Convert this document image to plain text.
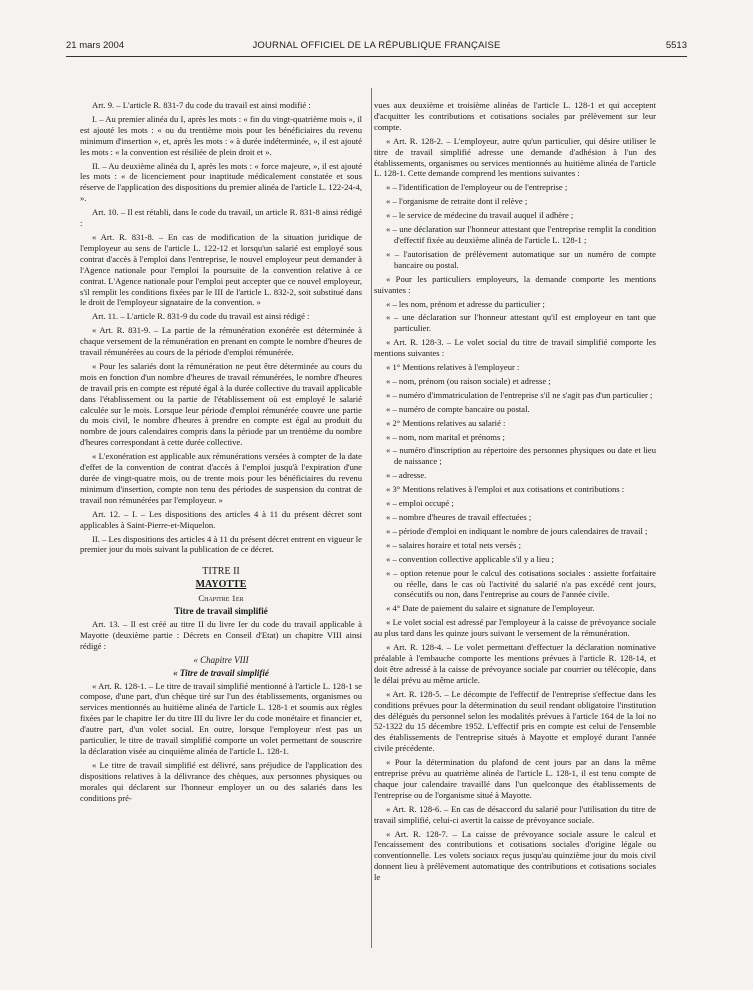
21 mars 2004	JOURNAL OFFICIEL DE LA RÉPUBLIQUE FRANÇAISE	5513

Art. 9. – L'article R. 831-7 du code du travail est ainsi modifié :

I. – Au premier alinéa du I, après les mots : « fin du vingt-quatrième mois », il est ajouté les mots : « ou du trentième mois pour les bénéficiaires du revenu minimum d'insertion », et, après les mots : « à durée indéterminée, », il est ajouté les mots : « la convention est résiliée de plein droit et ».

II. – Au deuxième alinéa du I, après les mots : « force majeure, », il est ajouté les mots : « de licenciement pour inaptitude médicalement constatée et sous réserve de l'application des dispositions du premier alinéa de l'article L. 122-24-4, ».

Art. 10. – Il est rétabli, dans le code du travail, un article R. 831-8 ainsi rédigé :

« Art. R. 831-8. – En cas de modification de la situation juridique de l'employeur au sens de l'article L. 122-12 et lorsqu'un salarié est employé sous contrat d'accès à l'emploi dans l'entreprise, le nouvel employeur peut demander à l'Agence nationale pour l'emploi la poursuite de la convention relative à ce contrat. L'Agence nationale pour l'emploi peut accepter que ce nouvel employeur, s'il remplit les conditions fixées par le III de l'article L. 832-2, soit substitué dans le droit de l'employeur signataire de la convention. »

Art. 11. – L'article R. 831-9 du code du travail est ainsi rédigé :

« Art. R. 831-9. – La partie de la rémunération exonérée est déterminée à chaque versement de la rémunération en prenant en compte le nombre d'heures de travail rémunérées au cours de la période d'emploi rémunérée.

« Pour les salariés dont la rémunération ne peut être déterminée au cours du mois en fonction d'un nombre d'heures de travail rémunérées, le nombre d'heures de travail pris en compte est réputé égal à la durée collective du travail applicable dans l'établissement ou la partie de l'établissement où est employé le salarié calculée sur le mois. Lorsque leur période d'emploi rémunérée couvre une partie du mois civil, le nombre d'heures à prendre en compte est égal au produit du nombre de jours calendaires compris dans la période par un trentième du nombre d'heures correspondant à cette durée collective.

« L'exonération est applicable aux rémunérations versées à compter de la date d'effet de la convention de contrat d'accès à l'emploi jusqu'à l'expiration d'une durée de vingt-quatre mois, ou de trente mois pour les bénéficiaires du revenu minimum d'insertion, compte non tenu des périodes de suspension du contrat de travail non rémunérées par l'employeur. »

Art. 12. – I. – Les dispositions des articles 4 à 11 du présent décret sont applicables à Saint-Pierre-et-Miquelon.

II. – Les dispositions des articles 4 à 11 du présent décret entrent en vigueur le premier jour du mois suivant la publication de ce décret.

TITRE II

MAYOTTE

Chapitre 1er

Titre de travail simplifié

Art. 13. – Il est créé au titre II du livre Ier du code du travail applicable à Mayotte (deuxième partie : Décrets en Conseil d'Etat) un chapitre VIII ainsi rédigé :

« Chapitre VIII

« Titre de travail simplifié

« Art. R. 128-1. – Le titre de travail simplifié mentionné à l'article L. 128-1 se compose, d'une part, d'un chèque tiré sur l'un des établissements, organismes ou services mentionnés au huitième alinéa de l'article L. 128-1 et soumis aux règles fixées par le chapitre Ier du titre III du livre Ier du code monétaire et financier et, d'autre part, d'un volet social. En outre, lorsque l'employeur n'est pas un particulier, le titre de travail simplifié comporte un volet permettant de souscrire la déclaration visée au cinquième alinéa de l'article L. 128-1.

« Le titre de travail simplifié est délivré, sans préjudice de l'application des dispositions relatives à la délivrance des chèques, aux personnes physiques ou morales qui déclarent sur l'honneur employer un ou des salariés dans les conditions pré-

vues aux deuxième et troisième alinéas de l'article L. 128-1 et qui acceptent d'acquitter les contributions et cotisations sociales par prélèvement sur leur compte.

« Art. R. 128-2. – L'employeur, autre qu'un particulier, qui désire utiliser le titre de travail simplifié adresse une demande d'adhésion à l'un des établissements, organismes ou services mentionnés au huitième alinéa de l'article L. 128-1. Cette demande comprend les mentions suivantes :

« – l'identification de l'employeur ou de l'entreprise ;

« – l'organisme de retraite dont il relève ;

« – le service de médecine du travail auquel il adhère ;

« – une déclaration sur l'honneur attestant que l'entreprise remplit la condition d'effectif fixée au deuxième alinéa de l'article L. 128-1 ;

« – l'autorisation de prélèvement automatique sur un numéro de compte bancaire ou postal.

« Pour les particuliers employeurs, la demande comporte les mentions suivantes :

« – les nom, prénom et adresse du particulier ;

« – une déclaration sur l'honneur attestant qu'il est employeur en tant que particulier.

« Art. R. 128-3. – Le volet social du titre de travail simplifié comporte les mentions suivantes :

« 1° Mentions relatives à l'employeur :

« – nom, prénom (ou raison sociale) et adresse ;

« – numéro d'immatriculation de l'entreprise s'il ne s'agit pas d'un particulier ;

« – numéro de compte bancaire ou postal.

« 2° Mentions relatives au salarié :

« – nom, nom marital et prénoms ;

« – numéro d'inscription au répertoire des personnes physiques ou date et lieu de naissance ;

« – adresse.

« 3° Mentions relatives à l'emploi et aux cotisations et contributions :

« – emploi occupé ;

« – nombre d'heures de travail effectuées ;

« – période d'emploi en indiquant le nombre de jours calendaires de travail ;

« – salaires horaire et total nets versés ;

« – convention collective applicable s'il y a lieu ;

« – option retenue pour le calcul des cotisations sociales : assiette forfaitaire ou réelle, dans le cas où l'activité du salarié n'a pas excédé cent jours, consécutifs ou non, dans l'entreprise au cours de l'année civile.

« 4° Date de paiement du salaire et signature de l'employeur.

« Le volet social est adressé par l'employeur à la caisse de prévoyance sociale au plus tard dans les quinze jours suivant le versement de la rémunération.

« Art. R. 128-4. – Le volet permettant d'effectuer la déclaration nominative préalable à l'embauche comporte les mentions prévues à l'article R. 128-14, et doit être adressé à la caisse de prévoyance sociale par courrier ou télécopie, dans le délai prévu au même article.

« Art. R. 128-5. – Le décompte de l'effectif de l'entreprise s'effectue dans les conditions prévues pour la détermination du seuil rendant obligatoire l'institution des délégués du personnel selon les modalités prévues à l'article 164 de la loi no 52-1322 du 15 décembre 1952. L'effectif pris en compte est celui de l'ensemble des établissements de l'entreprise situés à Mayotte et employé durant l'année civile précédente.

« Pour la détermination du plafond de cent jours par an dans la même entreprise prévu au quatrième alinéa de l'article L. 128-1, il est tenu compte de chaque jour calendaire travaillé dans l'un quelconque des établissements de l'entreprise ou de l'organisme situé à Mayotte.

« Art. R. 128-6. – En cas de désaccord du salarié pour l'utilisation du titre de travail simplifié, celui-ci avertit la caisse de prévoyance sociale.

« Art. R. 128-7. – La caisse de prévoyance sociale assure le calcul et l'encaissement des contributions et cotisations sociales d'origine légale ou conventionnelle. Les volets sociaux reçus jusqu'au quinzième jour du mois civil donnent lieu à prélèvement automatique des contributions et cotisations sociales le
